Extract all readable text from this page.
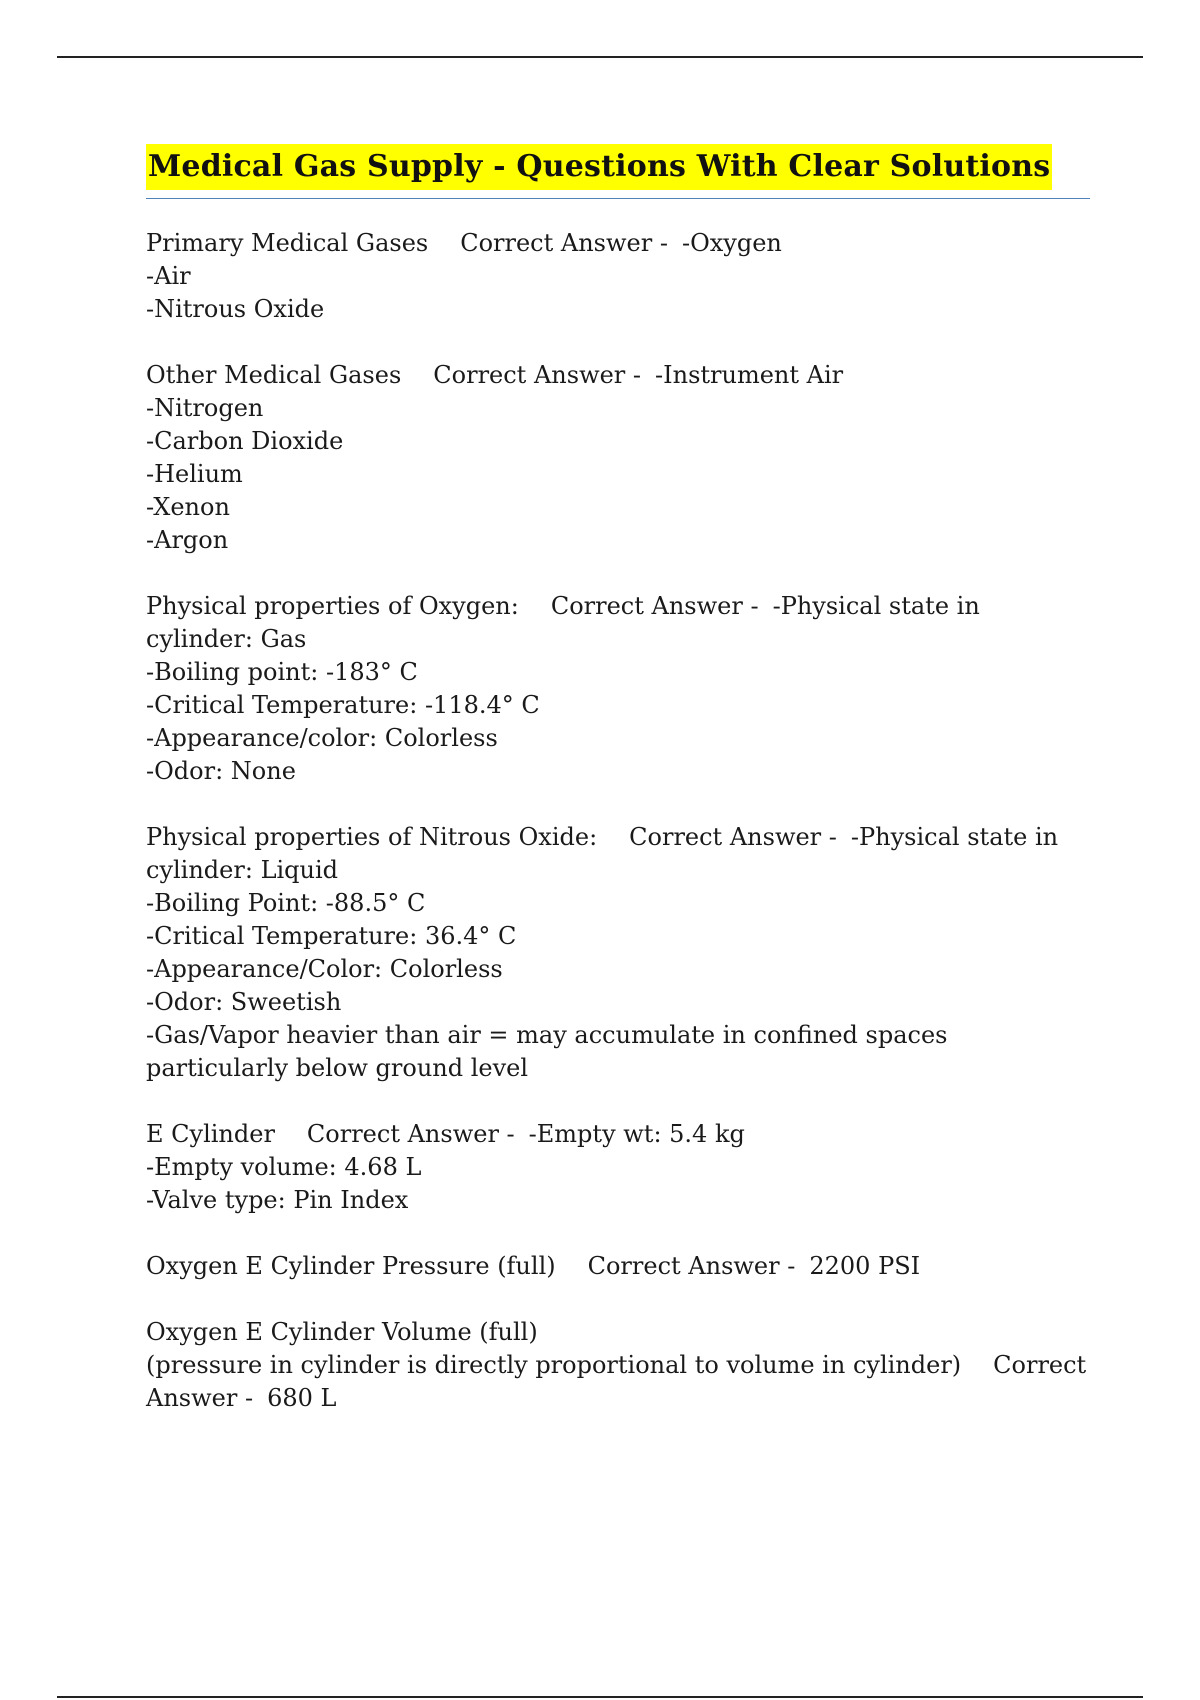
Medical Gas Supply - Questions With Clear Solutions
Primary Medical Gases Correct Answer - -Oxygen
-Air
-Nitrous Oxide
Other Medical Gases Correct Answer - -Instrument Air
-Nitrogen
-Carbon Dioxide
-Helium
-Xenon
-Argon
Physical properties of Oxygen: Correct Answer - -Physical state in cylinder: Gas
-Boiling point: -183° C
-Critical Temperature: -118.4° C
-Appearance/color: Colorless
-Odor: None
Physical properties of Nitrous Oxide: Correct Answer - -Physical state in cylinder: Liquid
-Boiling Point: -88.5° C
-Critical Temperature: 36.4° C
-Appearance/Color: Colorless
-Odor: Sweetish
-Gas/Vapor heavier than air = may accumulate in confined spaces particularly below ground level
E Cylinder Correct Answer - -Empty wt: 5.4 kg
-Empty volume: 4.68 L
-Valve type: Pin Index
Oxygen E Cylinder Pressure (full) Correct Answer - 2200 PSI
Oxygen E Cylinder Volume (full)
(pressure in cylinder is directly proportional to volume in cylinder) Correct Answer - 680 L
